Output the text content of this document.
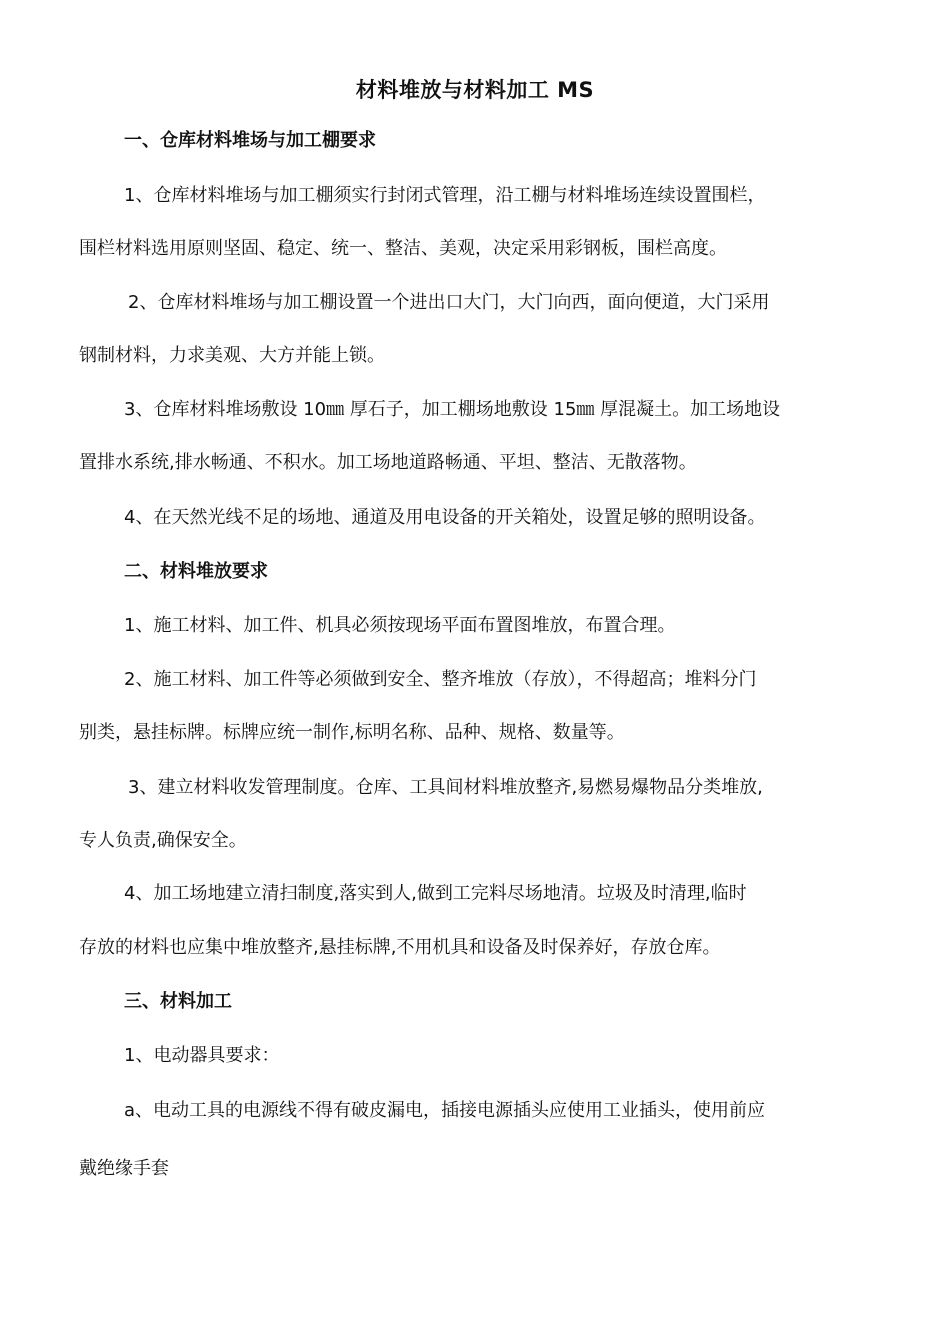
材料堆放与材料加工 MS
一、仓库材料堆场与加工棚要求
1、仓库材料堆场与加工棚须实行封闭式管理，沿工棚与材料堆场连续设置围栏，
围栏材料选用原则坚固、稳定、统一、整洁、美观，决定采用彩钢板，围栏高度。
2、仓库材料堆场与加工棚设置一个进出口大门，大门向西，面向便道，大门采用
钢制材料，力求美观、大方并能上锁。
3、仓库材料堆场敷设 10㎜ 厚石子，加工棚场地敷设 15㎜ 厚混凝土。加工场地设
置排水系统,排水畅通、不积水。加工场地道路畅通、平坦、整洁、无散落物。
4、在天然光线不足的场地、通道及用电设备的开关箱处，设置足够的照明设备。
二、材料堆放要求
1、施工材料、加工件、机具必须按现场平面布置图堆放，布置合理。
2、施工材料、加工件等必须做到安全、整齐堆放（存放），不得超高；堆料分门
别类，悬挂标牌。标牌应统一制作,标明名称、品种、规格、数量等。
3、建立材料收发管理制度。仓库、工具间材料堆放整齐,易燃易爆物品分类堆放,
专人负责,确保安全。
4、加工场地建立清扫制度,落实到人,做到工完料尽场地清。垃圾及时清理,临时
存放的材料也应集中堆放整齐,悬挂标牌,不用机具和设备及时保养好，存放仓库。
三、材料加工
1、电动器具要求：
a、电动工具的电源线不得有破皮漏电，插接电源插头应使用工业插头，使用前应
戴绝缘手套
